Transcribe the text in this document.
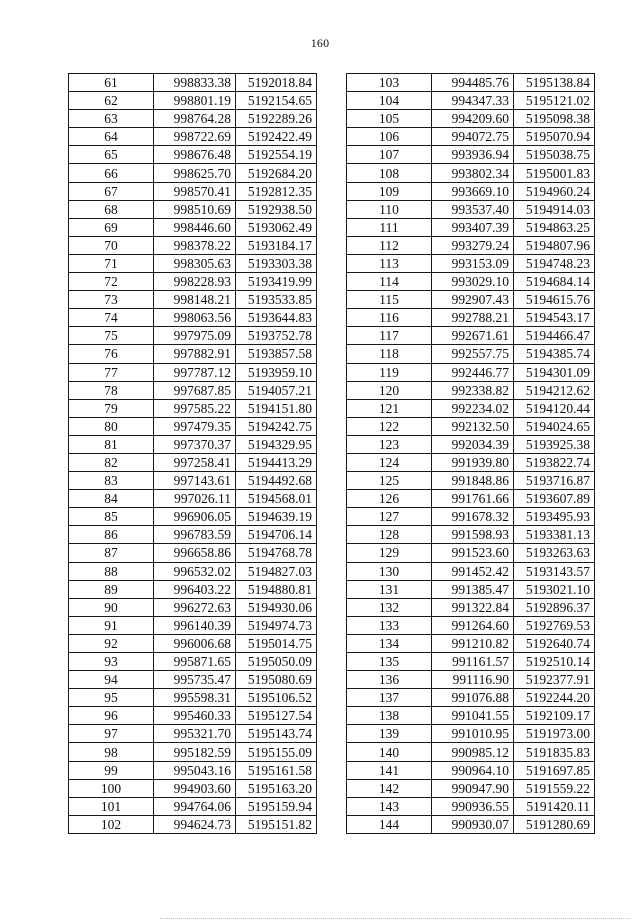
160
61	998833.38	5192018.84
62	998801.19	5192154.65
63	998764.28	5192289.26
64	998722.69	5192422.49
65	998676.48	5192554.19
66	998625.70	5192684.20
67	998570.41	5192812.35
68	998510.69	5192938.50
69	998446.60	5193062.49
70	998378.22	5193184.17
71	998305.63	5193303.38
72	998228.93	5193419.99
73	998148.21	5193533.85
74	998063.56	5193644.83
75	997975.09	5193752.78
76	997882.91	5193857.58
77	997787.12	5193959.10
78	997687.85	5194057.21
79	997585.22	5194151.80
80	997479.35	5194242.75
81	997370.37	5194329.95
82	997258.41	5194413.29
83	997143.61	5194492.68
84	997026.11	5194568.01
85	996906.05	5194639.19
86	996783.59	5194706.14
87	996658.86	5194768.78
88	996532.02	5194827.03
89	996403.22	5194880.81
90	996272.63	5194930.06
91	996140.39	5194974.73
92	996006.68	5195014.75
93	995871.65	5195050.09
94	995735.47	5195080.69
95	995598.31	5195106.52
96	995460.33	5195127.54
97	995321.70	5195143.74
98	995182.59	5195155.09
99	995043.16	5195161.58
100	994903.60	5195163.20
101	994764.06	5195159.94
102	994624.73	5195151.82
103	994485.76	5195138.84
104	994347.33	5195121.02
105	994209.60	5195098.38
106	994072.75	5195070.94
107	993936.94	5195038.75
108	993802.34	5195001.83
109	993669.10	5194960.24
110	993537.40	5194914.03
111	993407.39	5194863.25
112	993279.24	5194807.96
113	993153.09	5194748.23
114	993029.10	5194684.14
115	992907.43	5194615.76
116	992788.21	5194543.17
117	992671.61	5194466.47
118	992557.75	5194385.74
119	992446.77	5194301.09
120	992338.82	5194212.62
121	992234.02	5194120.44
122	992132.50	5194024.65
123	992034.39	5193925.38
124	991939.80	5193822.74
125	991848.86	5193716.87
126	991761.66	5193607.89
127	991678.32	5193495.93
128	991598.93	5193381.13
129	991523.60	5193263.63
130	991452.42	5193143.57
131	991385.47	5193021.10
132	991322.84	5192896.37
133	991264.60	5192769.53
134	991210.82	5192640.74
135	991161.57	5192510.14
136	991116.90	5192377.91
137	991076.88	5192244.20
138	991041.55	5192109.17
139	991010.95	5191973.00
140	990985.12	5191835.83
141	990964.10	5191697.85
142	990947.90	5191559.22
143	990936.55	5191420.11
144	990930.07	5191280.69
